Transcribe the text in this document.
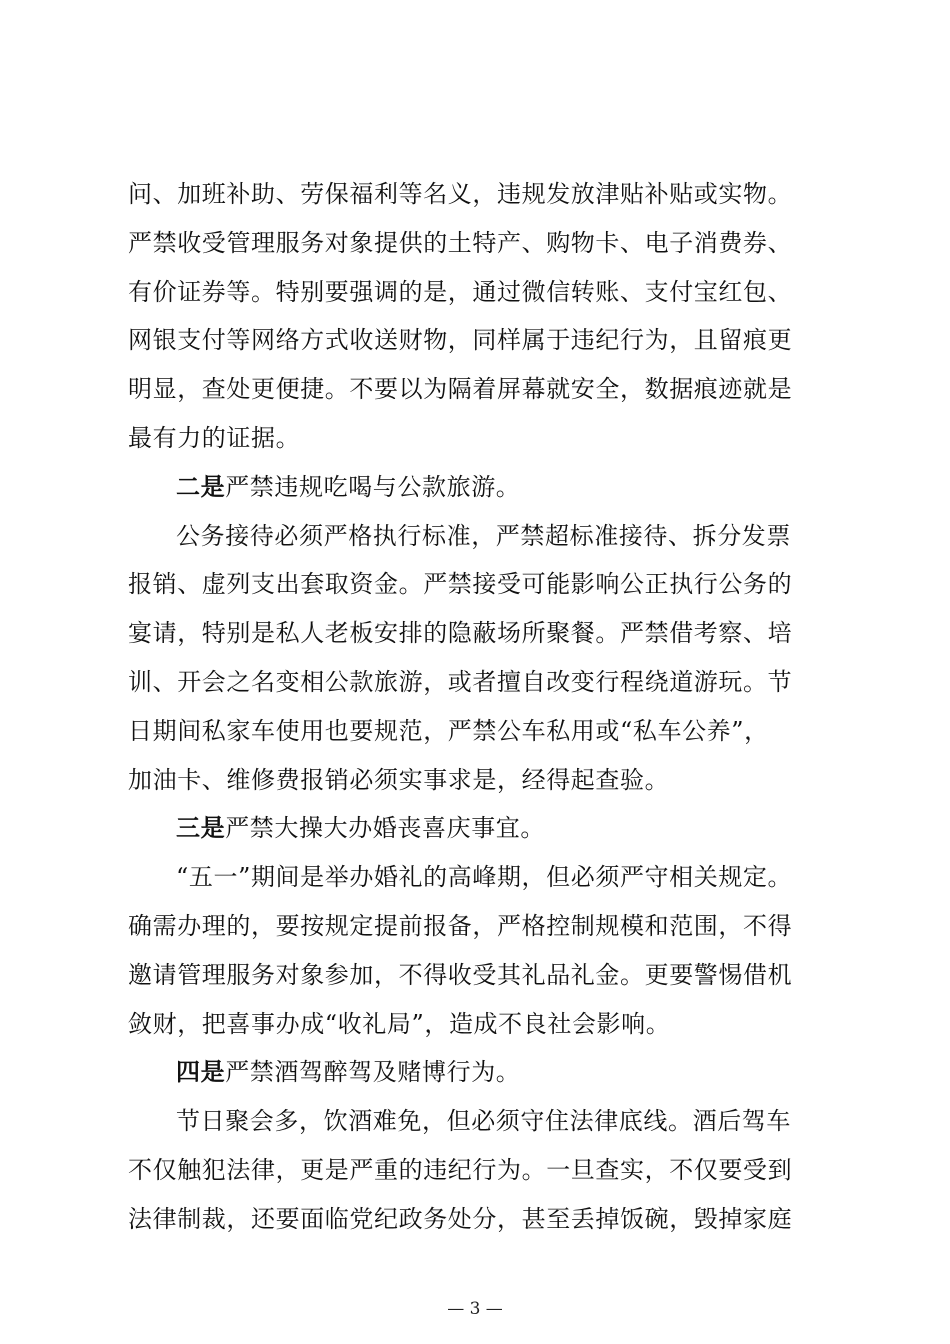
问、加班补助、劳保福利等名义，违规发放津贴补贴或实物。
严禁收受管理服务对象提供的土特产、购物卡、电子消费券、
有价证券等。特别要强调的是，通过微信转账、支付宝红包、
网银支付等网络方式收送财物，同样属于违纪行为，且留痕更
明显，查处更便捷。不要以为隔着屏幕就安全，数据痕迹就是
最有力的证据。
二是严禁违规吃喝与公款旅游。
公务接待必须严格执行标准，严禁超标准接待、拆分发票
报销、虚列支出套取资金。严禁接受可能影响公正执行公务的
宴请，特别是私人老板安排的隐蔽场所聚餐。严禁借考察、培
训、开会之名变相公款旅游，或者擅自改变行程绕道游玩。节
日期间私家车使用也要规范，严禁公车私用或“私车公养”，
加油卡、维修费报销必须实事求是，经得起查验。
三是严禁大操大办婚丧喜庆事宜。
“五一”期间是举办婚礼的高峰期，但必须严守相关规定。
确需办理的，要按规定提前报备，严格控制规模和范围，不得
邀请管理服务对象参加，不得收受其礼品礼金。更要警惕借机
敛财，把喜事办成“收礼局”，造成不良社会影响。
四是严禁酒驾醉驾及赌博行为。
节日聚会多，饮酒难免，但必须守住法律底线。酒后驾车
不仅触犯法律，更是严重的违纪行为。一旦查实，不仅要受到
法律制裁，还要面临党纪政务处分，甚至丢掉饭碗，毁掉家庭
— 3 —
